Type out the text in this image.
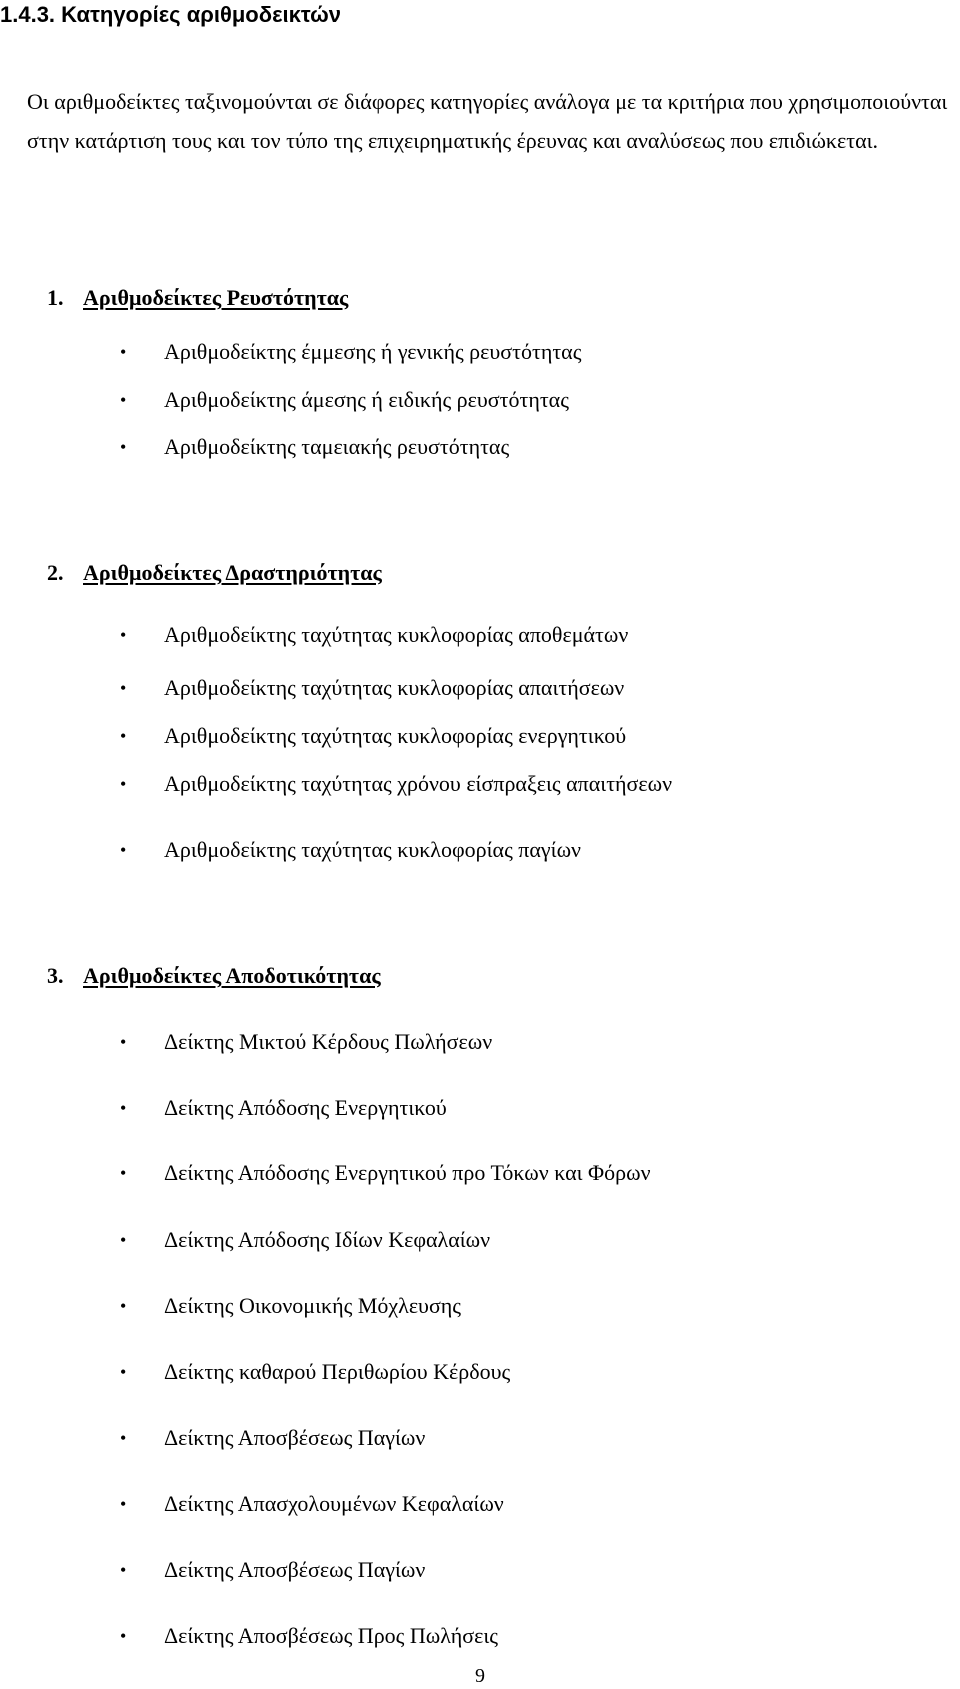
1.4.3. Κατηγορίες αριθμοδεικτών
Οι αριθμοδείκτες ταξινομούνται σε διάφορες κατηγορίες ανάλογα με τα κριτήρια που χρησιμοποιούνται στην κατάρτιση τους και τον τύπο της επιχειρηματικής έρευνας και αναλύσεως που επιδιώκεται.
1. Αριθμοδείκτες Ρευστότητας
• Αριθμοδείκτης έμμεσης ή γενικής ρευστότητας
• Αριθμοδείκτης άμεσης ή ειδικής ρευστότητας
• Αριθμοδείκτης ταμειακής ρευστότητας
2. Αριθμοδείκτες Δραστηριότητας
• Αριθμοδείκτης ταχύτητας κυκλοφορίας αποθεμάτων
• Αριθμοδείκτης ταχύτητας κυκλοφορίας απαιτήσεων
• Αριθμοδείκτης ταχύτητας κυκλοφορίας ενεργητικού
• Αριθμοδείκτης ταχύτητας χρόνου είσπραξεις απαιτήσεων
• Αριθμοδείκτης ταχύτητας κυκλοφορίας παγίων
3. Αριθμοδείκτες Αποδοτικότητας
• Δείκτης Μικτού Κέρδους Πωλήσεων
• Δείκτης Απόδοσης Ενεργητικού
• Δείκτης Απόδοσης Ενεργητικού προ Τόκων και Φόρων
• Δείκτης Απόδοσης Ιδίων Κεφαλαίων
• Δείκτης Οικονομικής Μόχλευσης
• Δείκτης καθαρού Περιθωρίου Κέρδους
• Δείκτης Αποσβέσεως Παγίων
• Δείκτης Απασχολουμένων Κεφαλαίων
• Δείκτης Αποσβέσεως Παγίων
• Δείκτης Αποσβέσεως Προς Πωλήσεις
9
